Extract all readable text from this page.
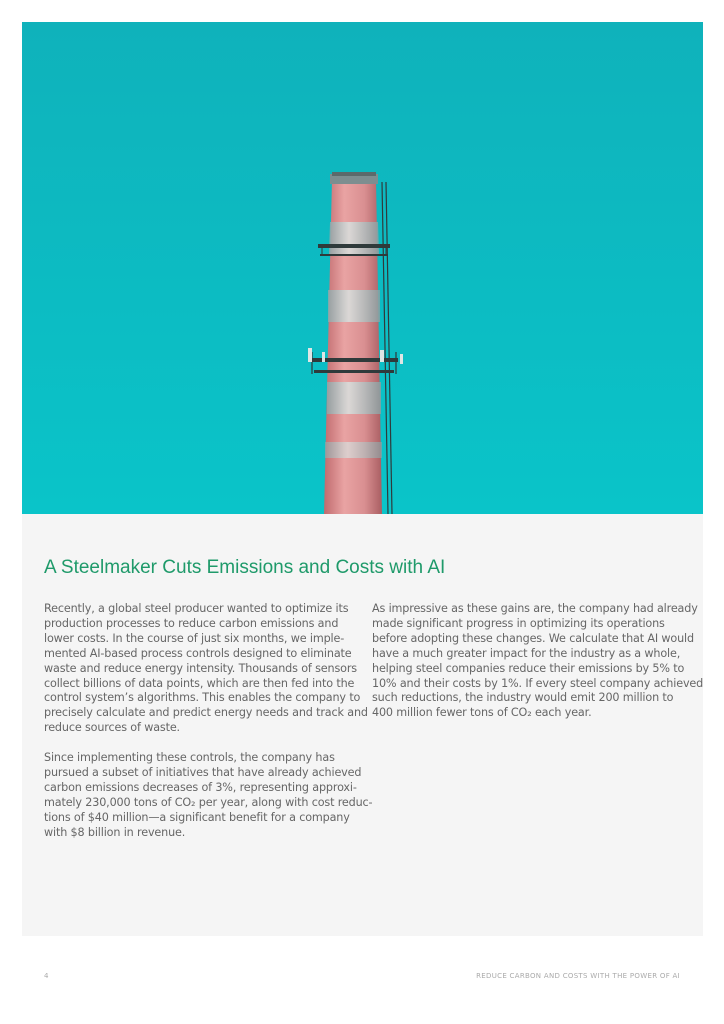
A Steelmaker Cuts Emissions and Costs with AI

Recently, a global steel producer wanted to optimize its
production processes to reduce carbon emissions and
lower costs. In the course of just six months, we imple-
mented AI-based process controls designed to eliminate
waste and reduce energy intensity. Thousands of sensors
collect billions of data points, which are then fed into the
control system’s algorithms. This enables the company to
precisely calculate and predict energy needs and track and
reduce sources of waste.

Since implementing these controls, the company has
pursued a subset of initiatives that have already achieved
carbon emissions decreases of 3%, representing approxi-
mately 230,000 tons of CO₂ per year, along with cost reduc-
tions of $40 million—a significant benefit for a company
with $8 billion in revenue.

As impressive as these gains are, the company had already
made significant progress in optimizing its operations
before adopting these changes. We calculate that AI would
have a much greater impact for the industry as a whole,
helping steel companies reduce their emissions by 5% to
10% and their costs by 1%. If every steel company achieved
such reductions, the industry would emit 200 million to
400 million fewer tons of CO₂ each year.

4	REDUCE CARBON AND COSTS WITH THE POWER OF AI
